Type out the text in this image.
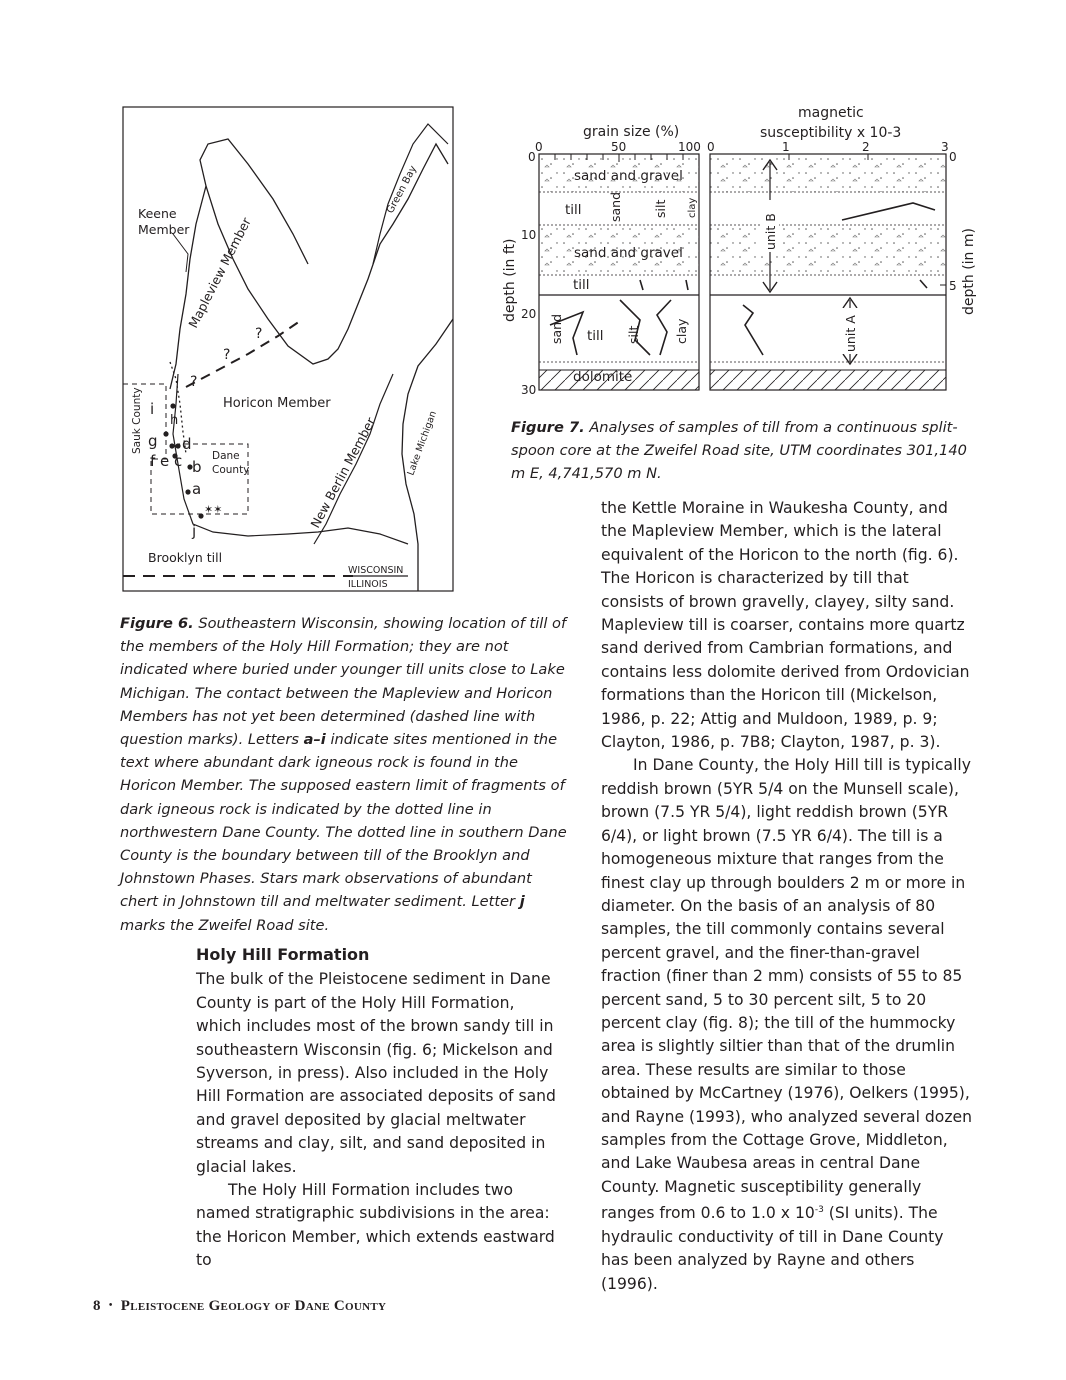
✶✶
Keene
Member
Mapleview Member
Green Bay
Horicon Member
Sauk County
Dane
County	New Berlin Member	Lake Michigan
Brooklyn till
WISCONSIN
ILLINOIS
?
?
?
i
h
g d
f e c b
a
j
grain size (%)
magnetic
susceptibility x 10-3
0	50	100 0	1	2	3
depth (in ft)	depth (in m)
0
10
20
30
0
5
sand and gravel
till sand silt clay
sand and gravel
till
sand till silt	clay
dolomite
unit B
unit A
Figure 7. Analyses of samples of till from a continuous split-spoon core at the Zweifel Road site, UTM coordinates 301,140 m E, 4,741,570 m N.
Figure 6. Southeastern Wisconsin, showing location of till of the members of the Holy Hill Formation; they are not indicated where buried under younger till units close to Lake Michigan. The contact between the Mapleview and Horicon Members has not yet been determined (dashed line with question marks). Letters a–i indicate sites mentioned in the text where abundant dark igneous rock is found in the Horicon Member. The supposed eastern limit of fragments of dark igneous rock is indicated by the dotted line in northwestern Dane County. The dotted line in southern Dane County is the boundary between till of the Brooklyn and Johnstown Phases. Stars mark observations of abundant chert in Johnstown till and meltwater sediment. Letter j marks the Zweifel Road site.
Holy Hill Formation

The bulk of the Pleistocene sediment in Dane County is part of the Holy Hill Formation, which includes most of the brown sandy till in southeastern Wisconsin (fig. 6; Mickelson and Syverson, in press). Also included in the Holy Hill Formation are associated deposits of sand and gravel deposited by glacial meltwater streams and clay, silt, and sand deposited in glacial lakes.

The Holy Hill Formation includes two named stratigraphic subdivisions in the area: the Horicon Member, which extends eastward to

the Kettle Moraine in Waukesha County, and the Mapleview Member, which is the lateral equivalent of the Horicon to the north (fig. 6). The Horicon is characterized by till that consists of brown gravelly, clayey, silty sand. Mapleview till is coarser, contains more quartz sand derived from Cambrian formations, and contains less dolomite derived from Ordovician formations than the Horicon till (Mickelson, 1986, p. 22; Attig and Muldoon, 1989, p. 9; Clayton, 1986, p. 7B8; Clayton, 1987, p. 3).

In Dane County, the Holy Hill till is typically reddish brown (5YR 5/4 on the Munsell scale), brown (7.5 YR 5/4), light reddish brown (5YR 6/4), or light brown (7.5 YR 6/4). The till is a homogeneous mixture that ranges from the finest clay up through boulders 2 m or more in diameter. On the basis of an analysis of 80 samples, the till commonly contains several percent gravel, and the finer-than-gravel fraction (finer than 2 mm) consists of 55 to 85 percent sand, 5 to 30 percent silt, 5 to 20 percent clay (fig. 8); the till of the hummocky area is slightly siltier than that of the drumlin area. These results are similar to those obtained by McCartney (1976), Oelkers (1995), and Rayne (1993), who analyzed several dozen samples from the Cottage Grove, Middleton, and Lake Waubesa areas in central Dane County. Magnetic susceptibility generally ranges from 0.6 to 1.0 x $10^{-3}$ (SI units). The hydraulic conductivity of till in Dane County has been analyzed by Rayne and others (1996).

8 • Pleistocene Geology of Dane County
